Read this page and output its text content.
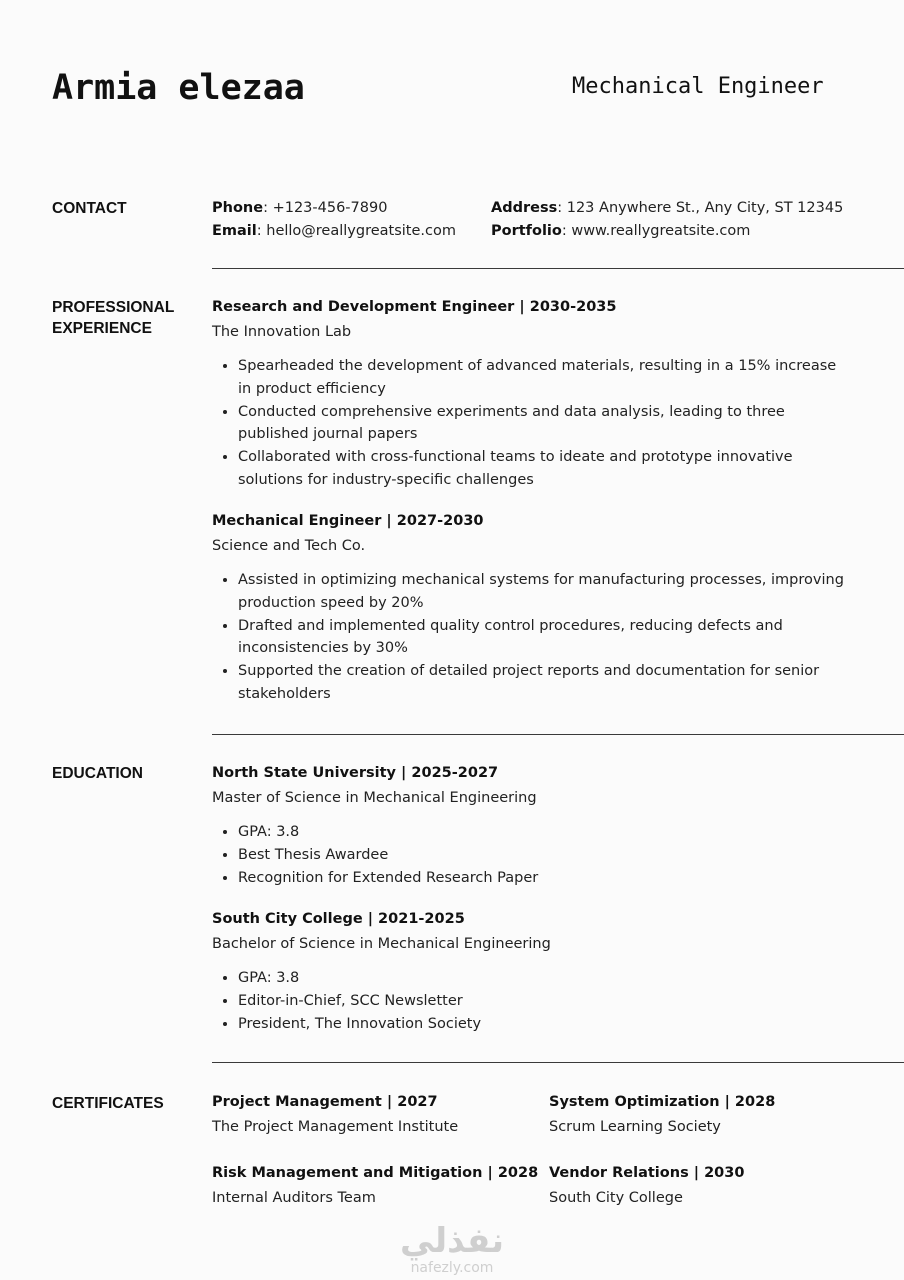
Armia elezaa	Mechanical Engineer
CONTACT	Phone: +123-456-7890
Email: hello@reallygreatsite.com
Address: 123 Anywhere St., Any City, ST 12345
Portfolio: www.reallygreatsite.com
PROFESSIONAL EXPERIENCE
Research and Development Engineer | 2030-2035
The Innovation Lab
• Spearheaded the development of advanced materials, resulting in a 15% increase in product efficiency
• Conducted comprehensive experiments and data analysis, leading to three published journal papers
• Collaborated with cross-functional teams to ideate and prototype innovative solutions for industry-specific challenges
Mechanical Engineer | 2027-2030
Science and Tech Co.
• Assisted in optimizing mechanical systems for manufacturing processes, improving production speed by 20%
• Drafted and implemented quality control procedures, reducing defects and inconsistencies by 30%
• Supported the creation of detailed project reports and documentation for senior stakeholders
EDUCATION	North State University | 2025-2027
Master of Science in Mechanical Engineering
• GPA: 3.8
• Best Thesis Awardee
• Recognition for Extended Research Paper
South City College | 2021-2025
Bachelor of Science in Mechanical Engineering
• GPA: 3.8
• Editor-in-Chief, SCC Newsletter
• President, The Innovation Society
CERTIFICATES	Project Management | 2027
The Project Management Institute
System Optimization | 2028
Scrum Learning Society
Risk Management and Mitigation | 2028
Internal Auditors Team
Vendor Relations | 2030
South City College
نفذلي
nafezly.com
